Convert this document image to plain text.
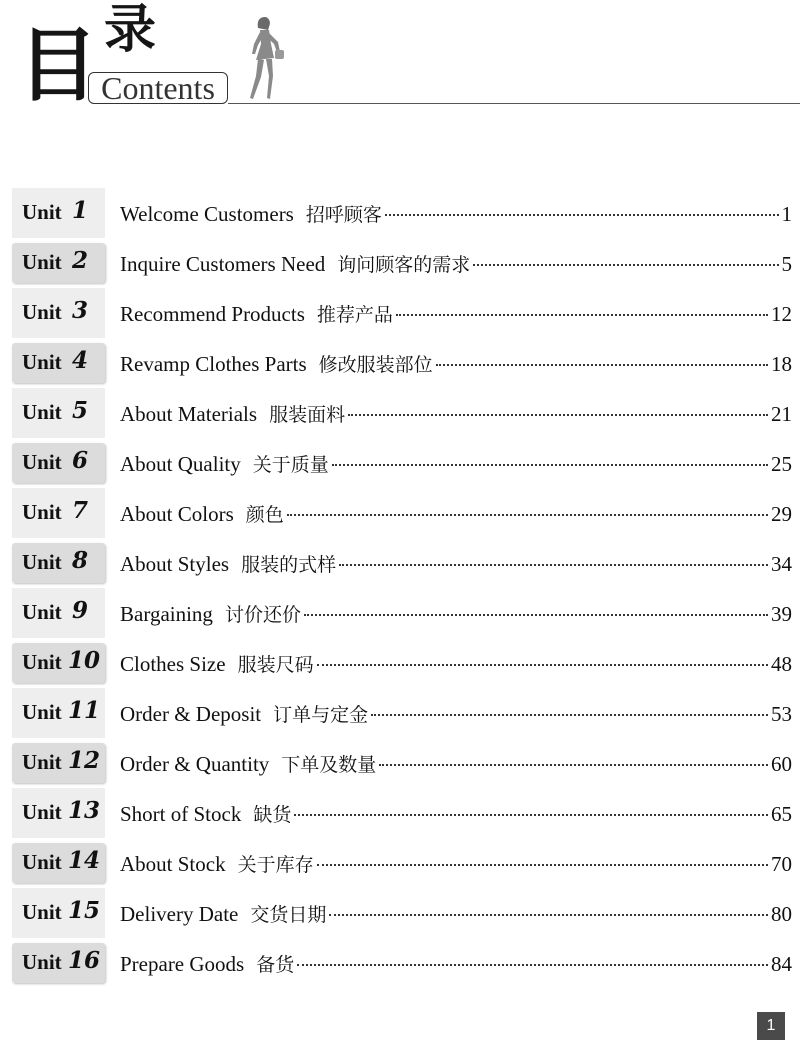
目 录
Contents
Unit 1 Welcome Customers 招呼顾客	1
Unit 2 Inquire Customers Need 询问顾客的需求	5
Unit 3 Recommend Products 推荐产品	12
Unit 4 Revamp Clothes Parts 修改服装部位	18
Unit 5 About Materials 服装面料	21
Unit 6 About Quality 关于质量	25
Unit 7 About Colors 颜色	29
Unit 8 About Styles 服装的式样	34
Unit 9 Bargaining 讨价还价	39
Unit 10 Clothes Size 服装尺码	48
Unit 11 Order & Deposit 订单与定金	53
Unit 12 Order & Quantity 下单及数量	60
Unit 13 Short of Stock 缺货	65
Unit 14 About Stock 关于库存	70
Unit 15 Delivery Date 交货日期	80
Unit 16 Prepare Goods 备货	84
1
